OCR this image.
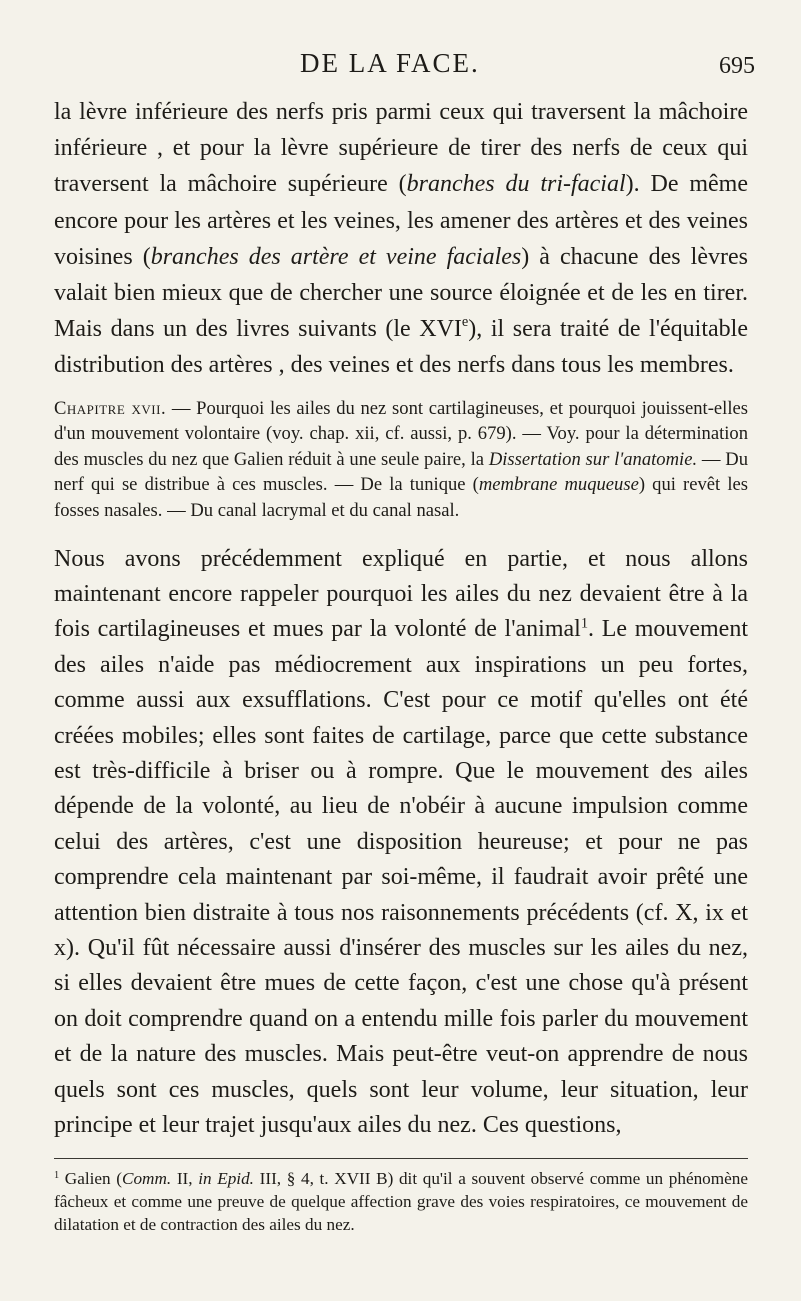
DE LA FACE.	695

la lèvre inférieure des nerfs pris parmi ceux qui traversent la mâchoire inférieure , et pour la lèvre supérieure de tirer des nerfs de ceux qui traversent la mâchoire supérieure (branches du tri-facial). De même encore pour les artères et les veines, les amener des artères et des veines voisines (branches des artère et veine faciales) à chacune des lèvres valait bien mieux que de chercher une source éloignée et de les en tirer. Mais dans un des livres suivants (le XVIe), il sera traité de l'équitable distribution des artères , des veines et des nerfs dans tous les membres.

Chapitre xvii. — Pourquoi les ailes du nez sont cartilagineuses, et pourquoi jouissent-elles d'un mouvement volontaire (voy. chap. xii, cf. aussi, p. 679). — Voy. pour la détermination des muscles du nez que Galien réduit à une seule paire, la Dissertation sur l'anatomie. — Du nerf qui se distribue à ces muscles. — De la tunique (membrane muqueuse) qui revêt les fosses nasales. — Du canal lacrymal et du canal nasal.

Nous avons précédemment expliqué en partie, et nous allons maintenant encore rappeler pourquoi les ailes du nez devaient être à la fois cartilagineuses et mues par la volonté de l'animal$^1$. Le mouvement des ailes n'aide pas médiocrement aux inspirations un peu fortes, comme aussi aux exsufflations. C'est pour ce motif qu'elles ont été créées mobiles; elles sont faites de cartilage, parce que cette substance est très-difficile à briser ou à rompre. Que le mouvement des ailes dépende de la volonté, au lieu de n'obéir à aucune impulsion comme celui des artères, c'est une disposition heureuse; et pour ne pas comprendre cela maintenant par soi-même, il faudrait avoir prêté une attention bien distraite à tous nos raisonnements précédents (cf. X, ix et x). Qu'il fût nécessaire aussi d'insérer des muscles sur les ailes du nez, si elles devaient être mues de cette façon, c'est une chose qu'à présent on doit comprendre quand on a entendu mille fois parler du mouvement et de la nature des muscles. Mais peut-être veut-on apprendre de nous quels sont ces muscles, quels sont leur volume, leur situation, leur principe et leur trajet jusqu'aux ailes du nez. Ces questions,

$^1$ Galien (Comm. II, in Epid. III, § 4, t. XVII B) dit qu'il a souvent observé comme un phénomène fâcheux et comme une preuve de quelque affection grave des voies respiratoires, ce mouvement de dilatation et de contraction des ailes du nez.
